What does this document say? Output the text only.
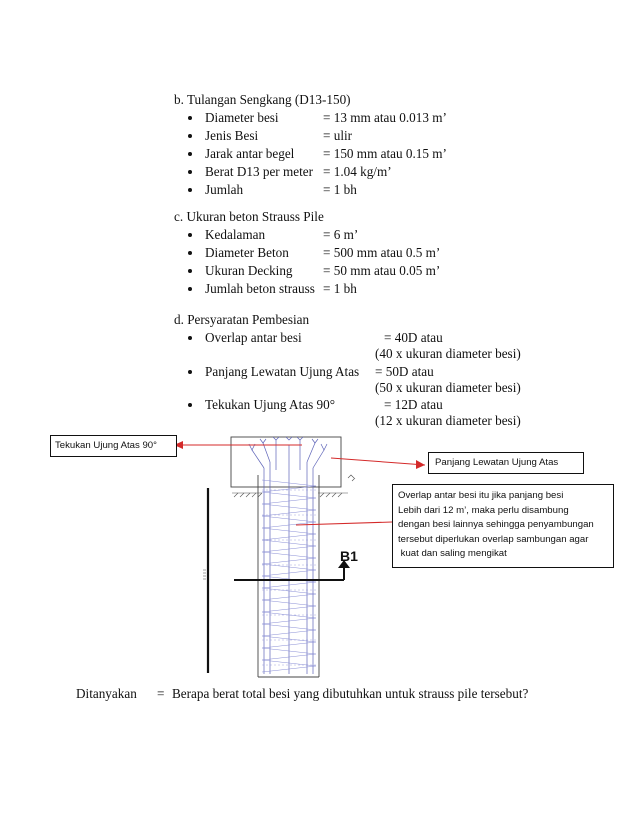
b. Tulangan Sengkang (D13-150)
Diameter besi	= 13 mm atau 0.013 m’
Jenis Besi	= ulir
Jarak antar begel = 150 mm atau 0.15 m’
Berat D13 per meter = 1.04 kg/m’
Jumlah	= 1 bh
c. Ukuran beton Strauss Pile
Kedalaman	= 6 m’
Diameter Beton	= 500 mm atau 0.5 m’
Ukuran Decking = 50 mm atau 0.05 m’
Jumlah beton strauss = 1 bh
d. Persyaratan Pembesian
Overlap antar besi	= 40D atau
(40 x ukuran diameter besi)
Panjang Lewatan Ujung Atas = 50D atau
(50 x ukuran diameter besi)
Tekukan Ujung Atas 90°	= 12D atau
(12 x ukuran diameter besi)
B1
Tekukan Ujung Atas 90°
Panjang Lewatan Ujung Atas
Overlap antar besi itu jika panjang besi
Lebih dari 12 m’, maka perlu disambung
dengan besi lainnya sehingga penyambungan
tersebut diperlukan overlap sambungan agar
kuat dan saling mengikat
Ditanyakan = Berapa berat total besi yang dibutuhkan untuk strauss pile tersebut?
